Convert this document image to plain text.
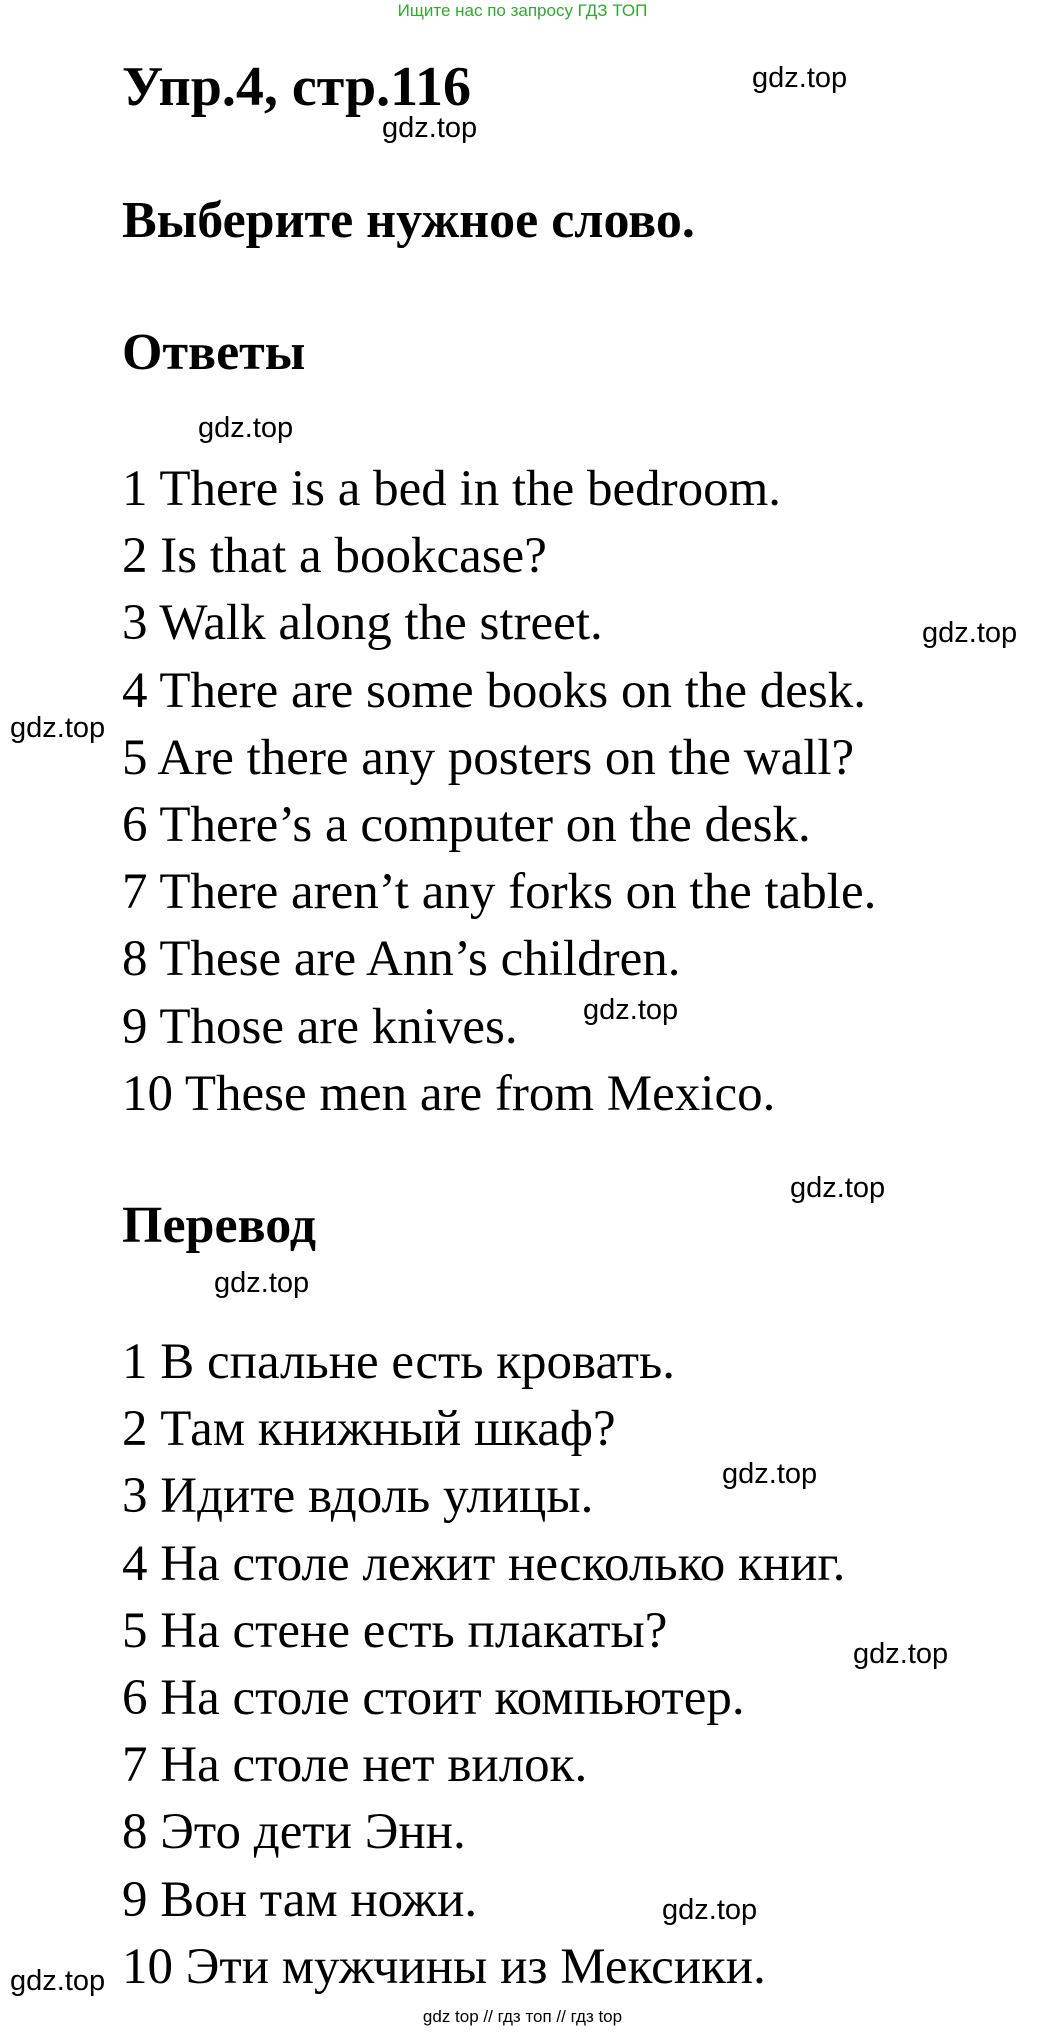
Ищите нас по запросу ГДЗ ТОП
Упр.4, стр.116	gdz.top
gdz.top
Выберите нужное слово.
Ответы
gdz.top
1 There is a bed in the bedroom.
2 Is that a bookcase?
3 Walk along the street.
4 There are some books on the desk.
5 Are there any posters on the wall?
6 There’s a computer on the desk.
7 There aren’t any forks on the table.
8 These are Ann’s children.
9 Those are knives.
10 These men are from Mexico.
gdz.top
gdz.top
gdz.top
gdz.top
Перевод
gdz.top
1 В спальне есть кровать.
2 Там книжный шкаф?
3 Идите вдоль улицы.
4 На столе лежит несколько книг.
5 На стене есть плакаты?
6 На столе стоит компьютер.
7 На столе нет вилок.
8 Это дети Энн.
9 Вон там ножи.
10 Эти мужчины из Мексики.
gdz.top
gdz.top
gdz.top
gdz.top
gdz top // гдз топ // гдз top
